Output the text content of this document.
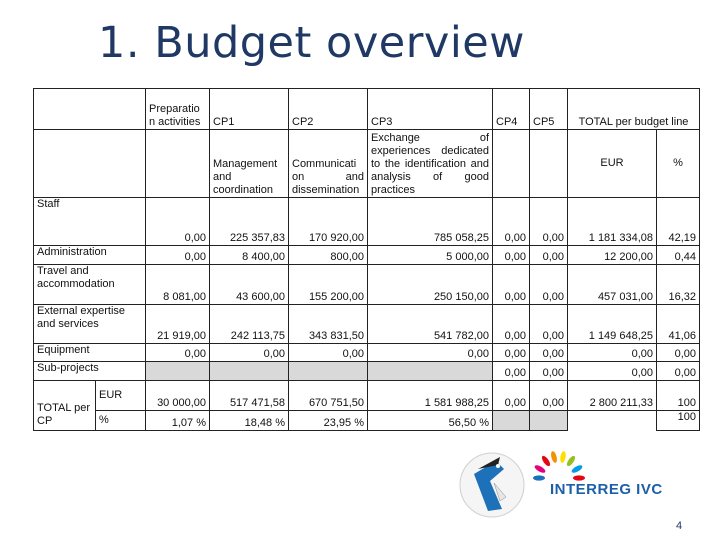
1. Budget overview
		Preparatio n activities	CP1	CP2	CP3	CP4	CP5	TOTAL per budget line	
			Management and coordination	Communicati on and dissemination	Exchange of experiences dedicated to the identification and analysis of good practices			EUR	%
Staff		0,00	225 357,83	170 920,00	785 058,25	0,00	0,00	1 181 334,08	42,19
Administration		0,00	8 400,00	800,00	5 000,00	0,00	0,00	12 200,00	0,44
Travel and accommodation		8 081,00	43 600,00	155 200,00	250 150,00	0,00	0,00	457 031,00	16,32
External expertise and services		21 919,00	242 113,75	343 831,50	541 782,00	0,00	0,00	1 149 648,25	41,06
Equipment		0,00	0,00	0,00	0,00	0,00	0,00	0,00	0,00
Sub-projects						0,00	0,00	0,00	0,00
TOTAL per CP	EUR	30 000,00	517 471,58	670 751,50	1 581 988,25	0,00	0,00	2 800 211,33	100
	%	1,07 %	18,48 %	23,95 %	56,50 %				100
INTERREG IVC
4
